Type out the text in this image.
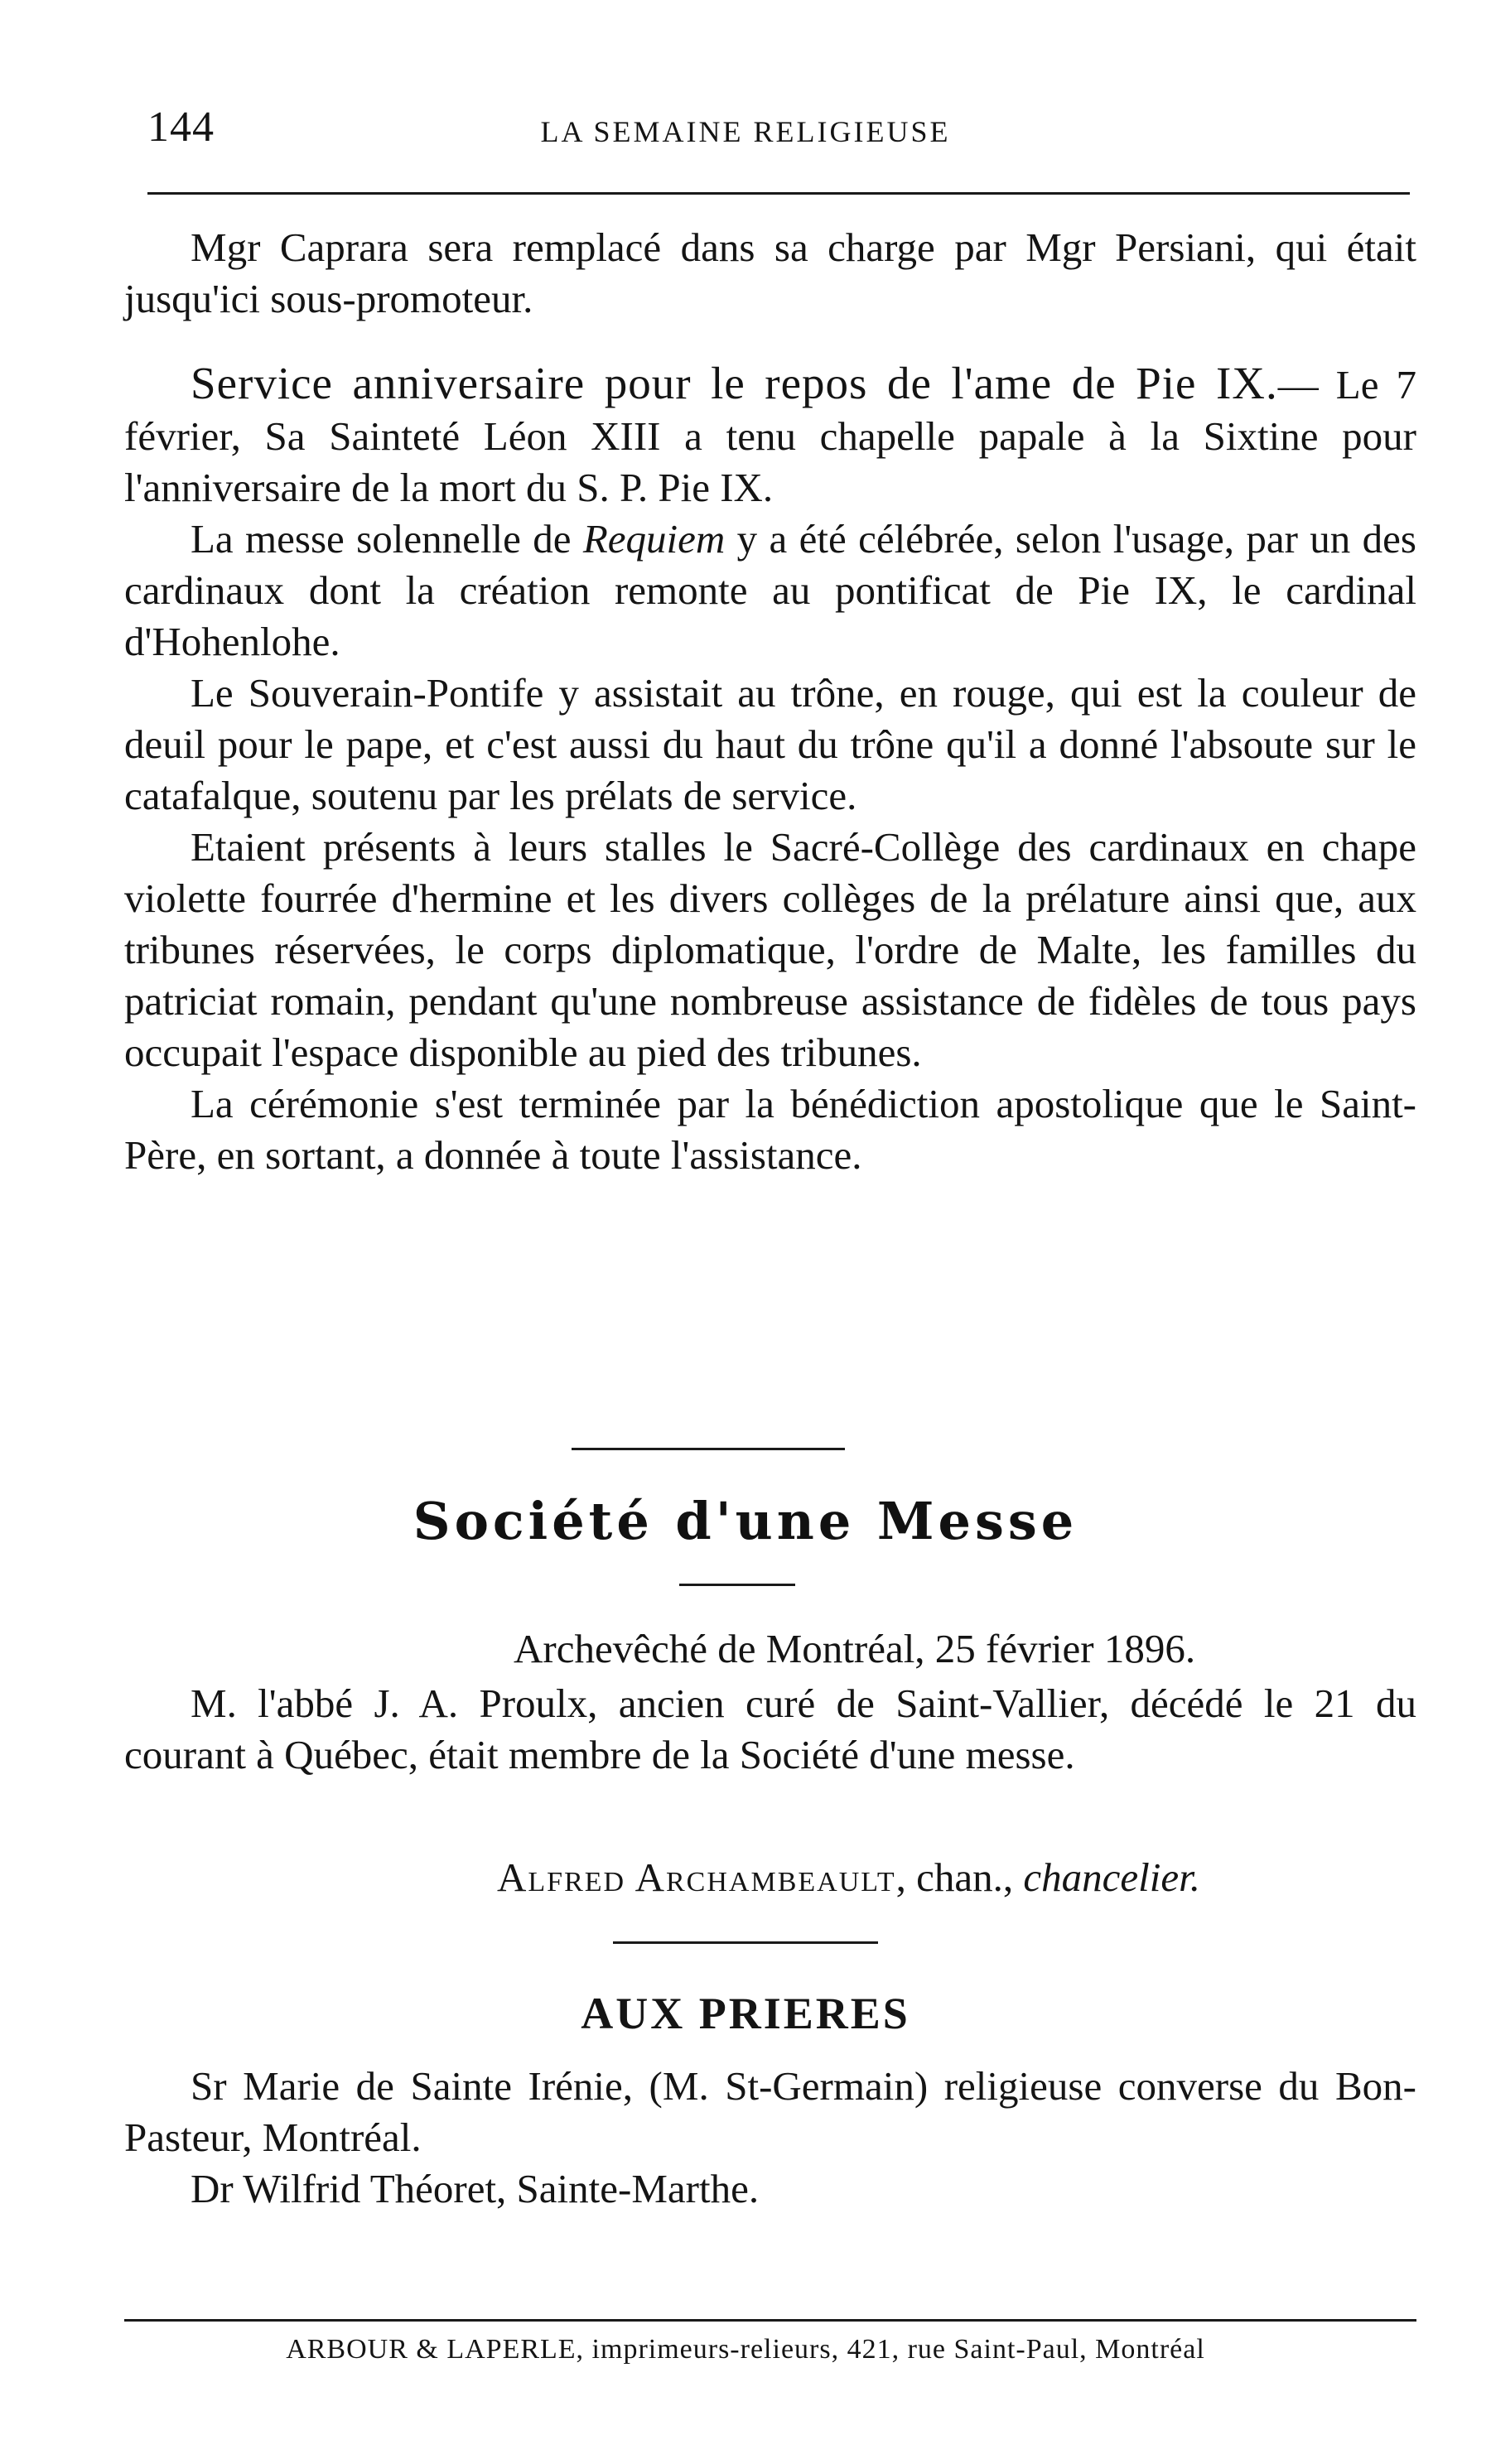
144	LA SEMAINE RELIGIEUSE

Mgr Caprara sera remplacé dans sa charge par Mgr Persiani, qui était jusqu'ici sous-promoteur.

Service anniversaire pour le repos de l'ame de Pie IX.— Le 7 février, Sa Sainteté Léon XIII a tenu chapelle papale à la Sixtine pour l'anniversaire de la mort du S. P. Pie IX.

La messe solennelle de Requiem y a été célébrée, selon l'usage, par un des cardinaux dont la création remonte au pontificat de Pie IX, le cardinal d'Hohenlohe.

Le Souverain-Pontife y assistait au trône, en rouge, qui est la couleur de deuil pour le pape, et c'est aussi du haut du trône qu'il a donné l'absoute sur le catafalque, soutenu par les prélats de service.

Etaient présents à leurs stalles le Sacré-Collège des cardinaux en chape violette fourrée d'hermine et les divers collèges de la prélature ainsi que, aux tribunes réservées, le corps diplomatique, l'ordre de Malte, les familles du patriciat romain, pendant qu'une nombreuse assistance de fidèles de tous pays occupait l'espace disponible au pied des tribunes.

La cérémonie s'est terminée par la bénédiction apostolique que le Saint-Père, en sortant, a donnée à toute l'assistance.

Société d'une Messe
Archevêché de Montréal, 25 février 1896.

M. l'abbé J. A. Proulx, ancien curé de Saint-Vallier, décédé le 21 du courant à Québec, était membre de la Société d'une messe.

Alfred Archambeault, chan., chancelier.
AUX PRIERES

Sr Marie de Sainte Irénie, (M. St-Germain) religieuse converse du Bon-Pasteur, Montréal.

Dr Wilfrid Théoret, Sainte-Marthe.

ARBOUR & LAPERLE, imprimeurs-relieurs, 421, rue Saint-Paul, Montréal
